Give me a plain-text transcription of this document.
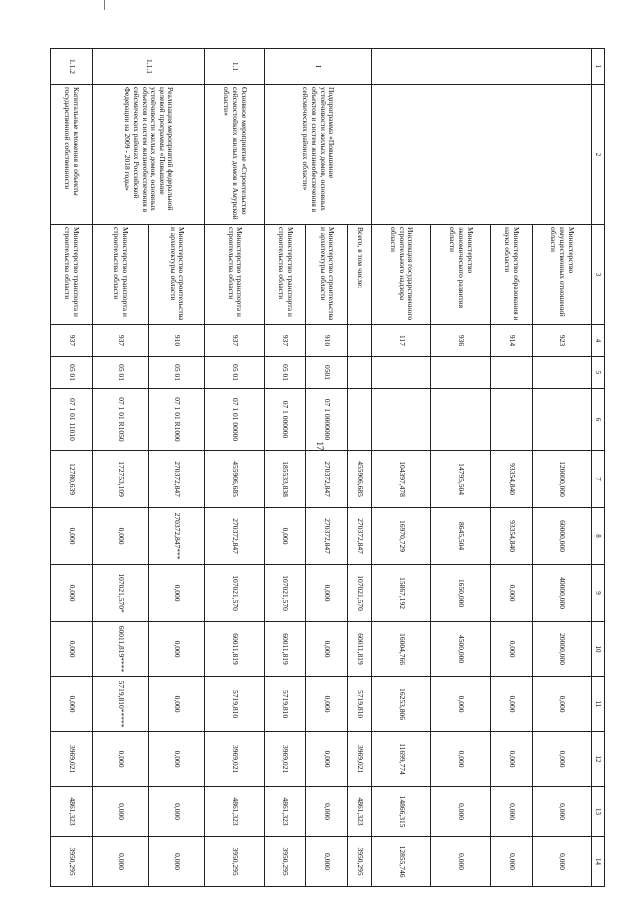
17
1	2	3	4	5	6	7	8	9	10	11	12	13	14
		Министерство имущественных отношений области	923			120000,000	60000,000	40000,000	20000,000	0,000	0,000	0,000	0,000
		Министерство образования и науки области	914			93354,840	93354,840	0,000	0,000	0,000	0,000	0,000	0,000
		Министерство экономического развития области	936			14795,504	8645,504	1650,000	4500,000	0,000	0,000	0,000	0,000
		Инспекция государственного строительного надзора области	117			104397,478	16970,729	15867,192	16004,766	16253,806	11699,774	14866,315	12855,746
I	Подпрограмма «Повышение устойчивости жилых домов, основных объектов и систем жизнеобеспечения в сейсмических районах области»	Всего, в том числе:				455906,685	270372,847	107021,570	60011,819	5719,810	3969,021	4861,323	3950,295
		Министерство строительства и архитектуры области	910	0501	07 1 0000000	270372,847	270372,847	0,000	0,000	0,000	0,000	0,000	0,000
		Министерство транспорта и строительства области	937	05 01	07 1 000000	185533,838	0,000	107021,570	60011,819	5719,810	3969,021	4861,323	3950,295
1.1	Основное мероприятие «Строительство сейсмостойких жилых домов в Амурской области»	Министерство транспорта и строительства области	937	05 01	07 1 01 00000	455906,685	270372,847	107021,570	60011,819	5719,810	3969,021	4861,323	3950,295
1.1.1	Реализация мероприятий федеральной целевой программы «Повышение устойчивости жилых домов, основных объектов и систем жизнеобеспечения в сейсмических районах Российской Федерации на 2009 - 2018 годы»	Министерство строительства и архитектуры области	910	05 01	07 1 01 R1000	270372,847	270372,847***	0,000	0,000	0,000	0,000	0,000	0,000
		Министерство транспорта и строительства области	937	05 01	07 1 01 R1050	172753,109	0,000	107021,570*	60011,819****	5719,810*****	0,000	0,000	0,000
1.1.2	Капитальные вложения в объекты государственной собственности	Министерство транспорта и строительства области	937	05 01	07 1 01 11010	12780,639	0,000	0,000	0,000	0,000	3969,021	4861,323	3950,295
